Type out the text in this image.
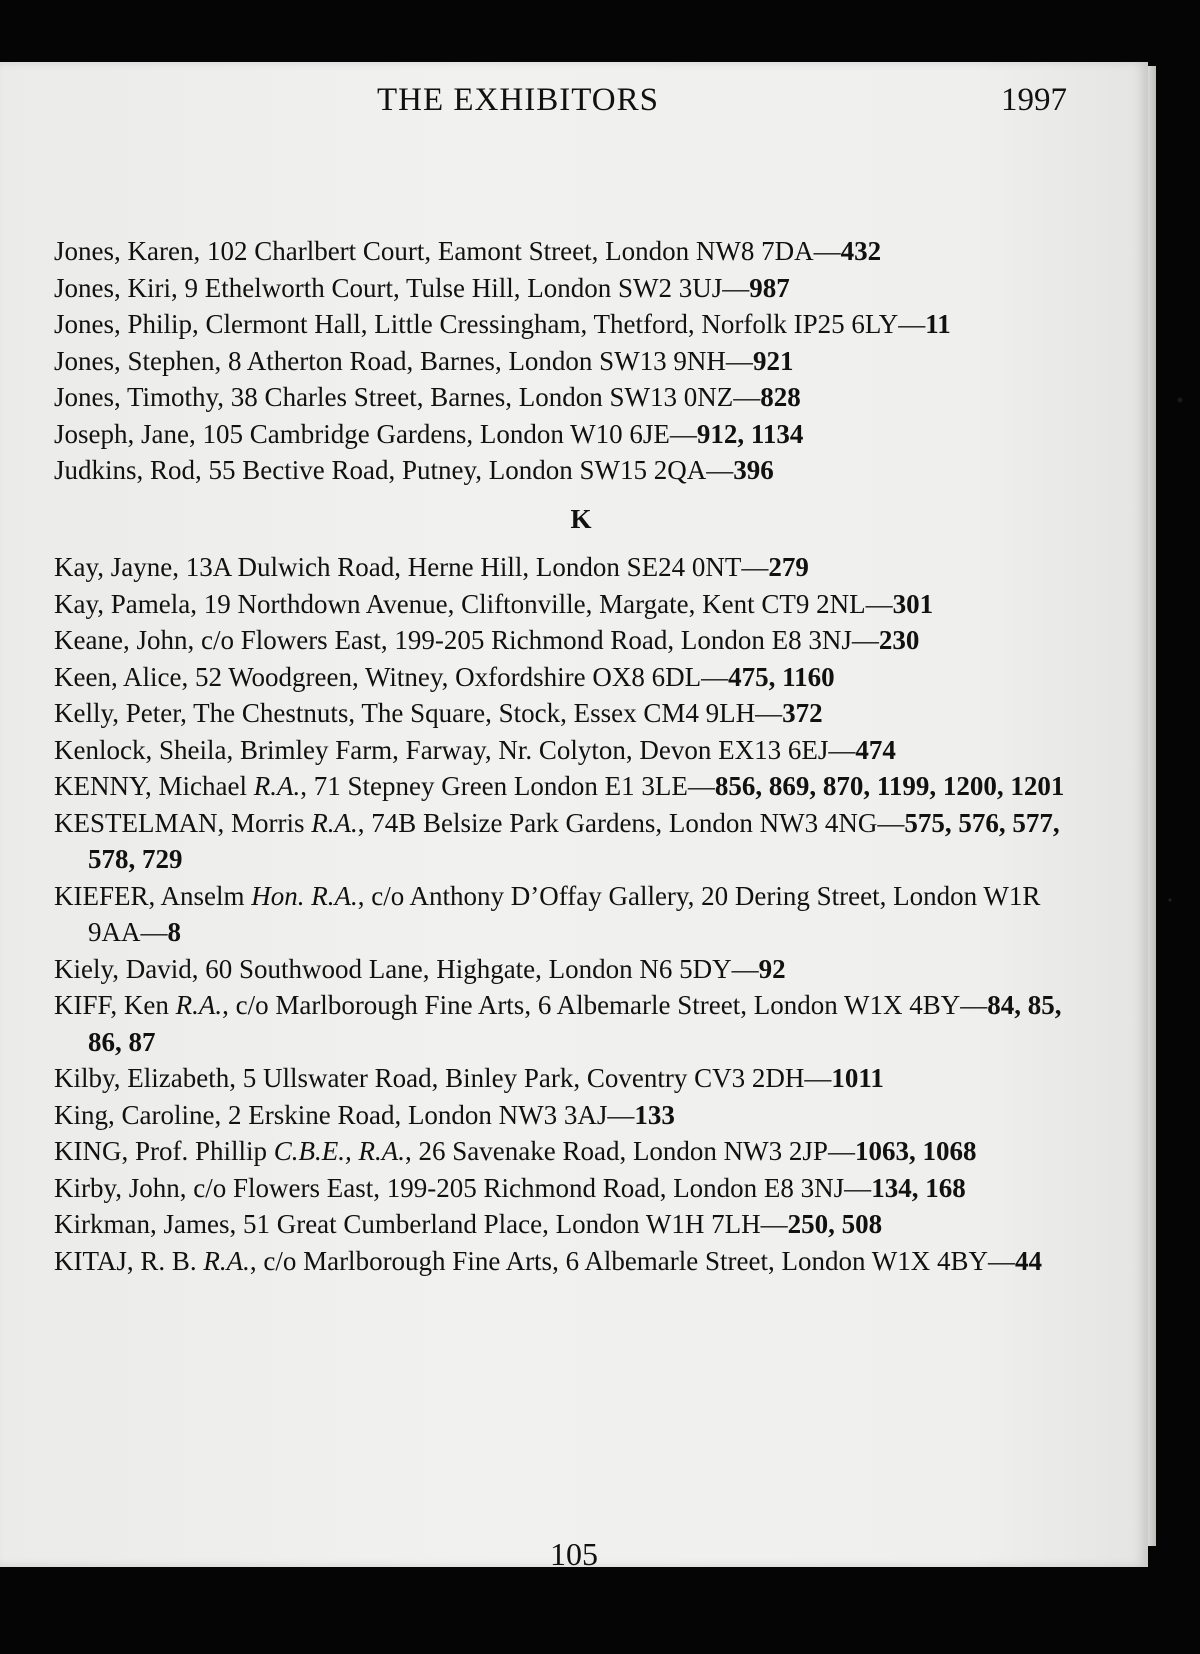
THE EXHIBITORS	1997

Jones, Karen, 102 Charlbert Court, Eamont Street, London NW8 7DA—432

Jones, Kiri, 9 Ethelworth Court, Tulse Hill, London SW2 3UJ—987

Jones, Philip, Clermont Hall, Little Cressingham, Thetford, Norfolk IP25 6LY—11

Jones, Stephen, 8 Atherton Road, Barnes, London SW13 9NH—921

Jones, Timothy, 38 Charles Street, Barnes, London SW13 0NZ—828

Joseph, Jane, 105 Cambridge Gardens, London W10 6JE—912, 1134

Judkins, Rod, 55 Bective Road, Putney, London SW15 2QA—396

K

Kay, Jayne, 13A Dulwich Road, Herne Hill, London SE24 0NT—279

Kay, Pamela, 19 Northdown Avenue, Cliftonville, Margate, Kent CT9 2NL—301

Keane, John, c/o Flowers East, 199-205 Richmond Road, London E8 3NJ—230

Keen, Alice, 52 Woodgreen, Witney, Oxfordshire OX8 6DL—475, 1160

Kelly, Peter, The Chestnuts, The Square, Stock, Essex CM4 9LH—372

Kenlock, Sheila, Brimley Farm, Farway, Nr. Colyton, Devon EX13 6EJ—474

KENNY, Michael R.A., 71 Stepney Green London E1 3LE—856, 869, 870, 1199, 1200, 1201

KESTELMAN, Morris R.A., 74B Belsize Park Gardens, London NW3 4NG—575, 576, 577, 578, 729

KIEFER, Anselm Hon. R.A., c/o Anthony D’Offay Gallery, 20 Dering Street, London W1R 9AA—8

Kiely, David, 60 Southwood Lane, Highgate, London N6 5DY—92

KIFF, Ken R.A., c/o Marlborough Fine Arts, 6 Albemarle Street, London W1X 4BY—84, 85, 86, 87

Kilby, Elizabeth, 5 Ullswater Road, Binley Park, Coventry CV3 2DH—1011

King, Caroline, 2 Erskine Road, London NW3 3AJ—133

KING, Prof. Phillip C.B.E., R.A., 26 Savenake Road, London NW3 2JP—1063, 1068

Kirby, John, c/o Flowers East, 199-205 Richmond Road, London E8 3NJ—134, 168

Kirkman, James, 51 Great Cumberland Place, London W1H 7LH—250, 508

KITAJ, R. B. R.A., c/o Marlborough Fine Arts, 6 Albemarle Street, London W1X 4BY—44

105
